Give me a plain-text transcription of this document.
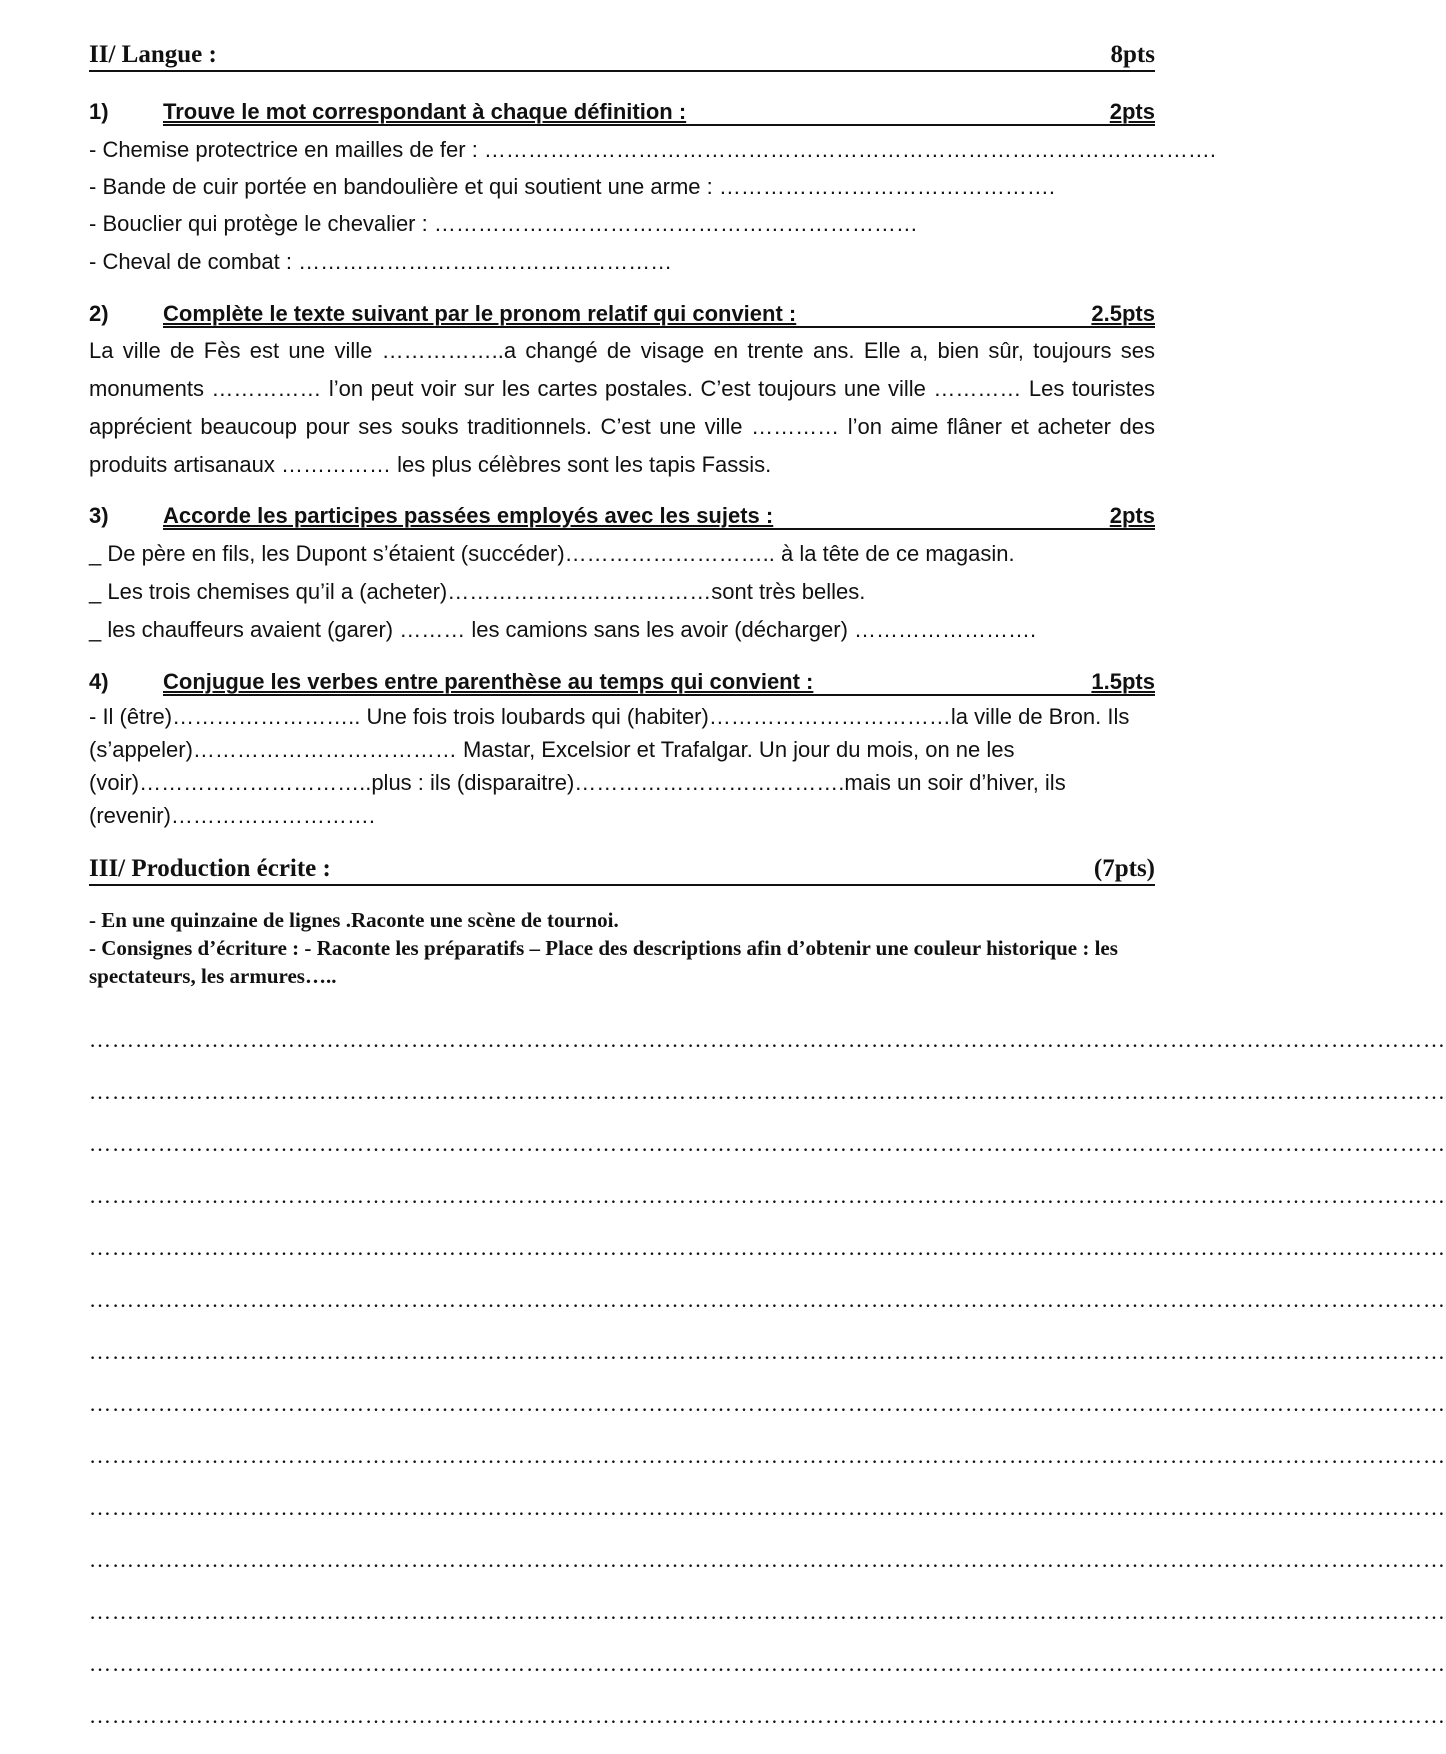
II/ Langue :	8pts
1) Trouve le mot correspondant à chaque définition :	2pts
- Chemise protectrice en mailles de fer : ……………………………………………………………………………………….
- Bande de cuir portée en bandoulière et qui soutient une arme : ……………………………………….
- Bouclier qui protège le chevalier : …………………………………………………………
- Cheval de combat : ……………………………………………
2) Complète le texte suivant par le pronom relatif qui convient :	2.5pts

La ville de Fès est une ville ……………..a changé de visage en trente ans. Elle a, bien sûr, toujours ses monuments …………… l’on peut voir sur les cartes postales. C’est toujours une ville ………… Les touristes apprécient beaucoup pour ses souks traditionnels. C’est une ville ………… l’on aime flâner et acheter des produits artisanaux …………… les plus célèbres sont les tapis Fassis.

3) Accorde les participes passées employés avec les sujets :	2pts
_ De père en fils, les Dupont s’étaient (succéder)……………………….. à la tête de ce magasin.
_ Les trois chemises qu’il a (acheter)………………………………sont très belles.
_ les chauffeurs avaient (garer) ……… les camions sans les avoir (décharger) …………………….
4) Conjugue les verbes entre parenthèse au temps qui convient :	1.5pts

- Il (être)…………………….. Une fois trois loubards qui (habiter)……………………………la ville de Bron. Ils (s’appeler)……………………………… Mastar, Excelsior et Trafalgar. Un jour du mois, on ne les (voir)…………………………..plus : ils (disparaitre)……………………………….mais un soir d’hiver, ils (revenir)……………………….

III/ Production écrite :	(7pts)

- En une quinzaine de lignes .Raconte une scène de tournoi.

- Consignes d’écriture : - Raconte les préparatifs – Place des descriptions afin d’obtenir une couleur historique : les spectateurs, les armures…..

……………………………………………………………………………………………………………………………………………………………
……………………………………………………………………………………………………………………………………………………………
……………………………………………………………………………………………………………………………………………………………
……………………………………………………………………………………………………………………………………………………………
……………………………………………………………………………………………………………………………………………………………
……………………………………………………………………………………………………………………………………………………………
……………………………………………………………………………………………………………………………………………………………
……………………………………………………………………………………………………………………………………………………………
……………………………………………………………………………………………………………………………………………………………
……………………………………………………………………………………………………………………………………………………………
……………………………………………………………………………………………………………………………………………………………
……………………………………………………………………………………………………………………………………………………………
……………………………………………………………………………………………………………………………………………………………
……………………………………………………………………………………………………………………………………………………………
